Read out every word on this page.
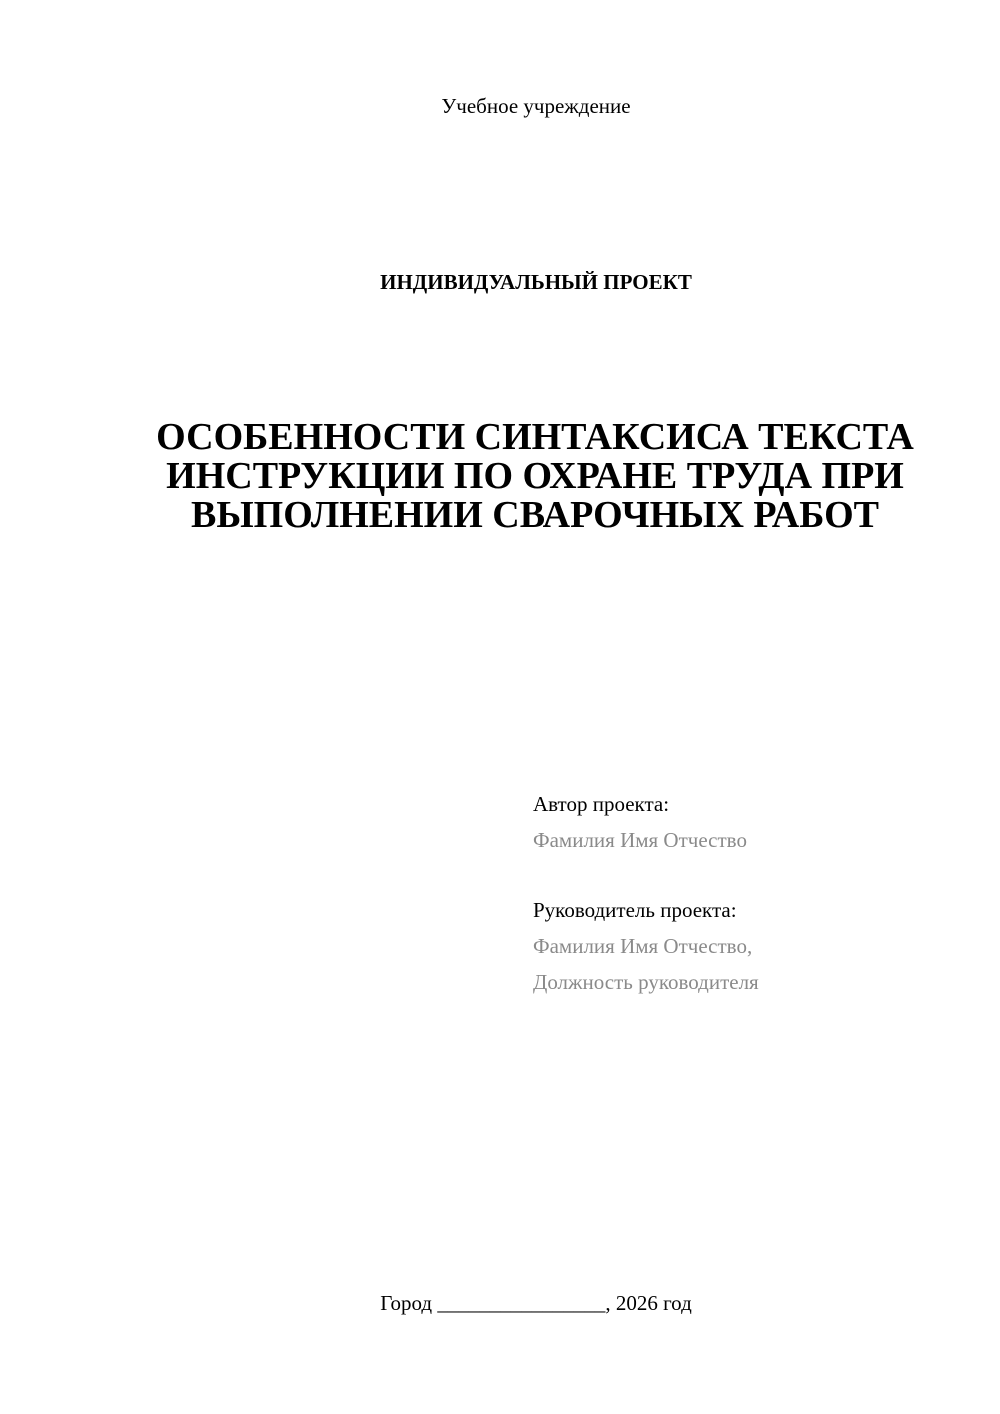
Учебное учреждение
ИНДИВИДУАЛЬНЫЙ ПРОЕКТ
ОСОБЕННОСТИ СИНТАКСИСА ТЕКСТА
ИНСТРУКЦИИ ПО ОХРАНЕ ТРУДА ПРИ
ВЫПОЛНЕНИИ СВАРОЧНЫХ РАБОТ
Автор проекта:
Фамилия Имя Отчество
Руководитель проекта:
Фамилия Имя Отчество,
Должность руководителя
Город ________________, 2026 год
